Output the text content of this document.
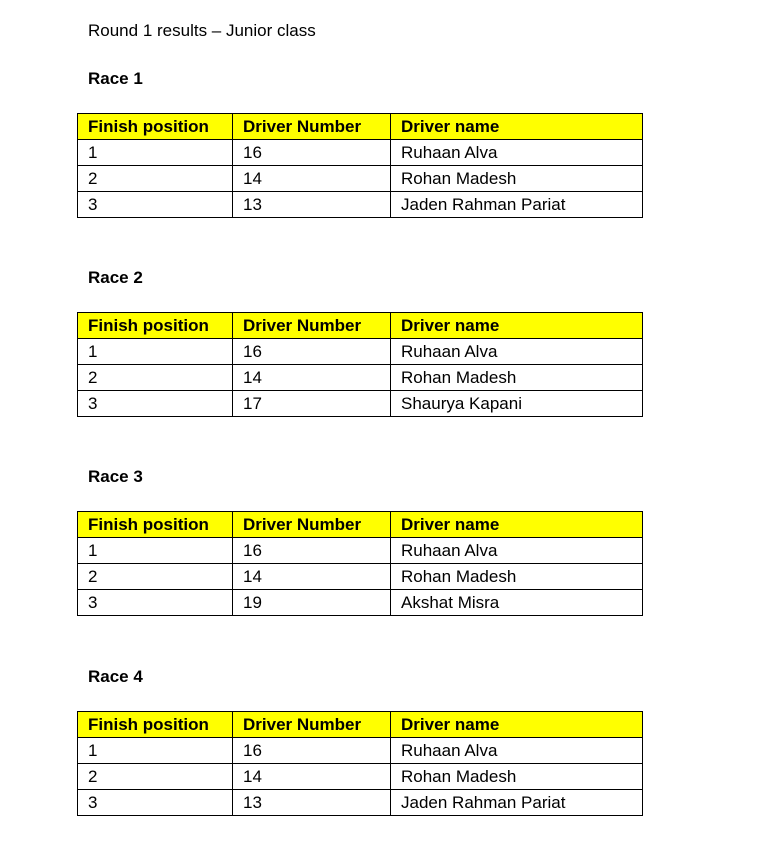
Round 1 results – Junior class
Race 1
Finish position	Driver Number	Driver name
1	16	Ruhaan Alva
2	14	Rohan Madesh
3	13	Jaden Rahman Pariat
Race 2
Finish position	Driver Number	Driver name
1	16	Ruhaan Alva
2	14	Rohan Madesh
3	17	Shaurya Kapani
Race 3
Finish position	Driver Number	Driver name
1	16	Ruhaan Alva
2	14	Rohan Madesh
3	19	Akshat Misra
Race 4
Finish position	Driver Number	Driver name
1	16	Ruhaan Alva
2	14	Rohan Madesh
3	13	Jaden Rahman Pariat
